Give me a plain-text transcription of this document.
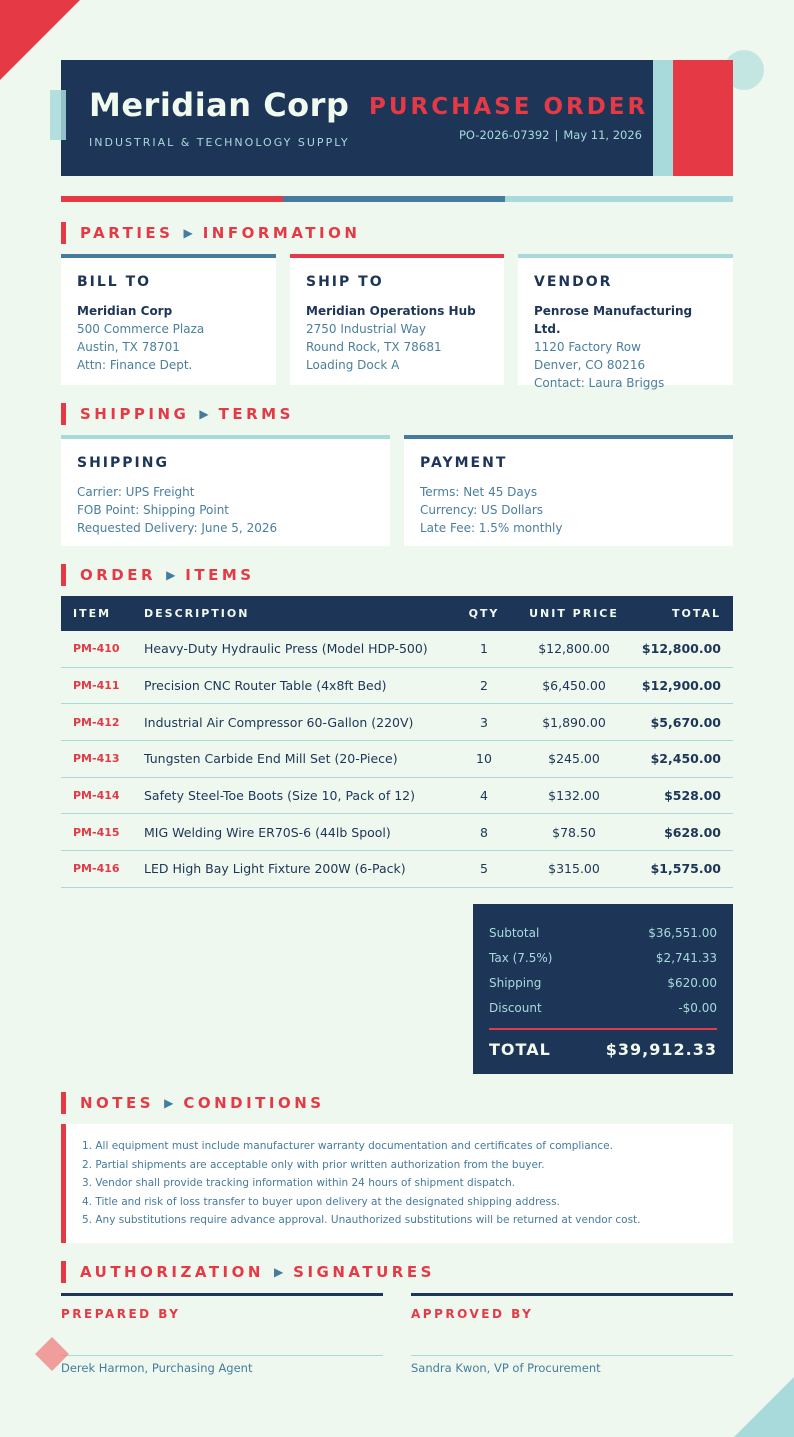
Meridian Corp
INDUSTRIAL & TECHNOLOGY SUPPLY
PURCHASE ORDER
PO-2026-07392 | May 11, 2026
PARTIES ▶ INFORMATION
BILL TO
Meridian Corp
500 Commerce Plaza
Austin, TX 78701
Attn: Finance Dept.
SHIP TO
Meridian Operations Hub
2750 Industrial Way
Round Rock, TX 78681
Loading Dock A
VENDOR
Penrose Manufacturing Ltd.
1120 Factory Row
Denver, CO 80216
Contact: Laura Briggs
SHIPPING ▶ TERMS
SHIPPING
Carrier: UPS Freight
FOB Point: Shipping Point
Requested Delivery: June 5, 2026
PAYMENT
Terms: Net 45 Days
Currency: US Dollars
Late Fee: 1.5% monthly
ORDER ▶ ITEMS
ITEM	DESCRIPTION	QTY	UNIT PRICE	TOTAL
PM-410	Heavy-Duty Hydraulic Press (Model HDP-500)	1	$12,800.00	$12,800.00
PM-411	Precision CNC Router Table (4x8ft Bed)	2	$6,450.00	$12,900.00
PM-412	Industrial Air Compressor 60-Gallon (220V)	3	$1,890.00	$5,670.00
PM-413	Tungsten Carbide End Mill Set (20-Piece)	10	$245.00	$2,450.00
PM-414	Safety Steel-Toe Boots (Size 10, Pack of 12)	4	$132.00	$528.00
PM-415	MIG Welding Wire ER70S-6 (44lb Spool)	8	$78.50	$628.00
PM-416	LED High Bay Light Fixture 200W (6-Pack)	5	$315.00	$1,575.00
Subtotal	$36,551.00
Tax (7.5%)	$2,741.33
Shipping	$620.00
Discount	-$0.00
TOTAL	$39,912.33
NOTES ▶ CONDITIONS
1. All equipment must include manufacturer warranty documentation and certificates of compliance.
2. Partial shipments are acceptable only with prior written authorization from the buyer.
3. Vendor shall provide tracking information within 24 hours of shipment dispatch.
4. Title and risk of loss transfer to buyer upon delivery at the designated shipping address.
5. Any substitutions require advance approval. Unauthorized substitutions will be returned at vendor cost.
AUTHORIZATION ▶ SIGNATURES
PREPARED BY
Derek Harmon, Purchasing Agent
APPROVED BY
Sandra Kwon, VP of Procurement
